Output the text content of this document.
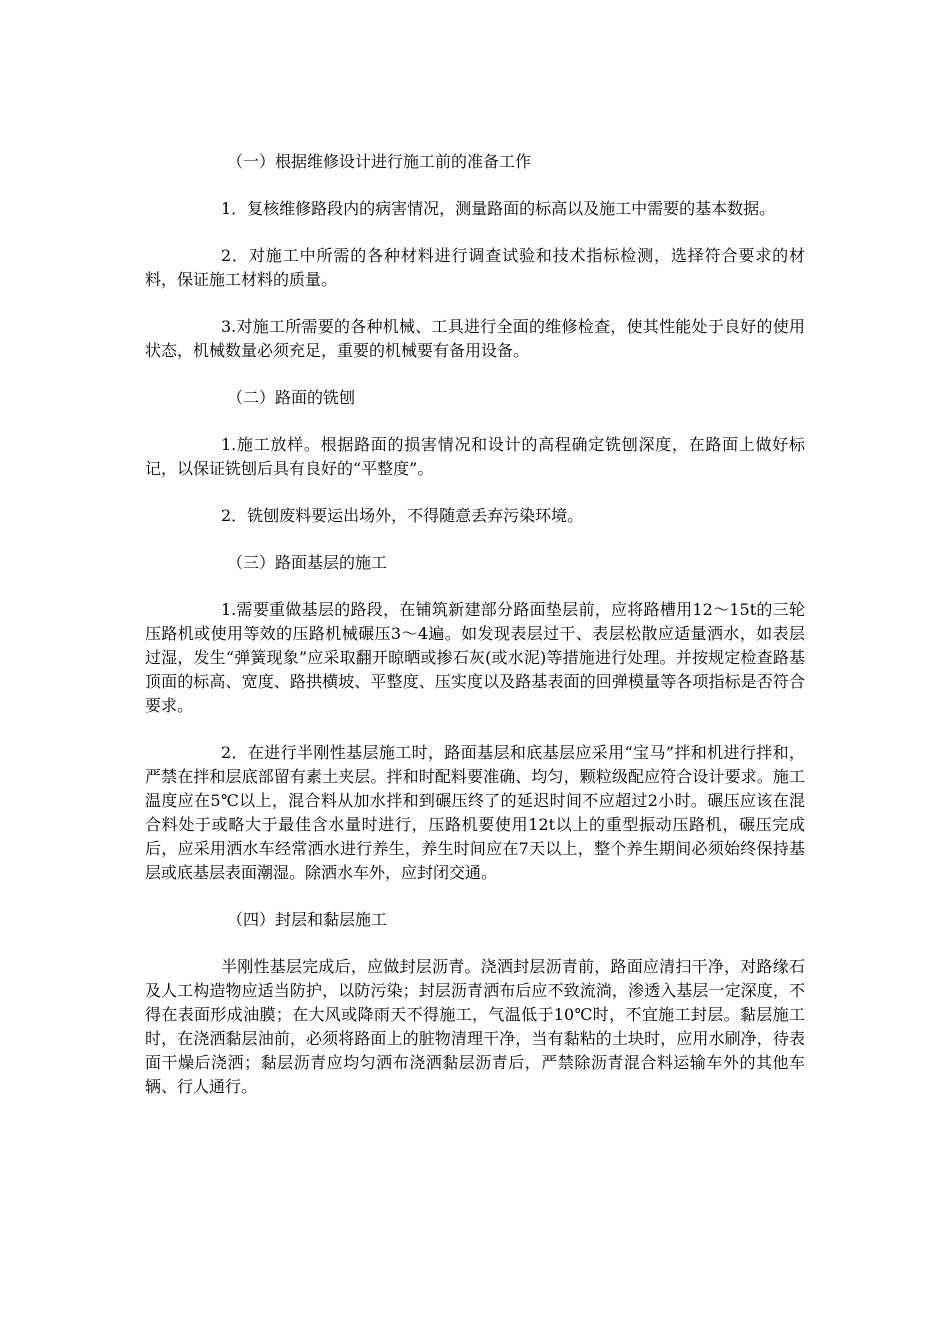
（一）根据维修设计进行施工前的准备工作

1．复核维修路段内的病害情况，测量路面的标高以及施工中需要的基本数据。

2．对施工中所需的各种材料进行调查试验和技术指标检测，选择符合要求的材料，保证施工材料的质量。

3.对施工所需要的各种机械、工具进行全面的维修检查，使其性能处于良好的使用状态，机械数量必须充足，重要的机械要有备用设备。

（二）路面的铣刨

1.施工放样。根据路面的损害情况和设计的高程确定铣刨深度，在路面上做好标记，以保证铣刨后具有良好的“平整度”。

2．铣刨废料要运出场外，不得随意丢弃污染环境。

（三）路面基层的施工

1.需要重做基层的路段，在铺筑新建部分路面垫层前，应将路槽用12～15t的三轮压路机或使用等效的压路机械碾压3～4遍。如发现表层过干、表层松散应适量洒水，如表层过湿，发生“弹簧现象”应采取翻开晾晒或掺石灰(或水泥)等措施进行处理。并按规定检查路基顶面的标高、宽度、路拱横坡、平整度、压实度以及路基表面的回弹模量等各项指标是否符合要求。

2．在进行半刚性基层施工时，路面基层和底基层应采用“宝马”拌和机进行拌和，严禁在拌和层底部留有素土夹层。拌和时配料要准确、均匀，颗粒级配应符合设计要求。施工温度应在5℃以上，混合料从加水拌和到碾压终了的延迟时间不应超过2小时。碾压应该在混合料处于或略大于最佳含水量时进行，压路机要使用12t以上的重型振动压路机，碾压完成后，应采用洒水车经常洒水进行养生，养生时间应在7天以上，整个养生期间必须始终保持基层或底基层表面潮湿。除洒水车外，应封闭交通。

（四）封层和黏层施工

半刚性基层完成后，应做封层沥青。浇洒封层沥青前，路面应清扫干净，对路缘石及人工构造物应适当防护，以防污染；封层沥青洒布后应不致流淌，渗透入基层一定深度，不得在表面形成油膜；在大风或降雨天不得施工，气温低于10℃时，不宜施工封层。黏层施工时，在浇洒黏层油前，必须将路面上的脏物清理干净，当有黏粘的土块时，应用水刷净，待表面干燥后浇洒；黏层沥青应均匀洒布浇洒黏层沥青后，严禁除沥青混合料运输车外的其他车辆、行人通行。
